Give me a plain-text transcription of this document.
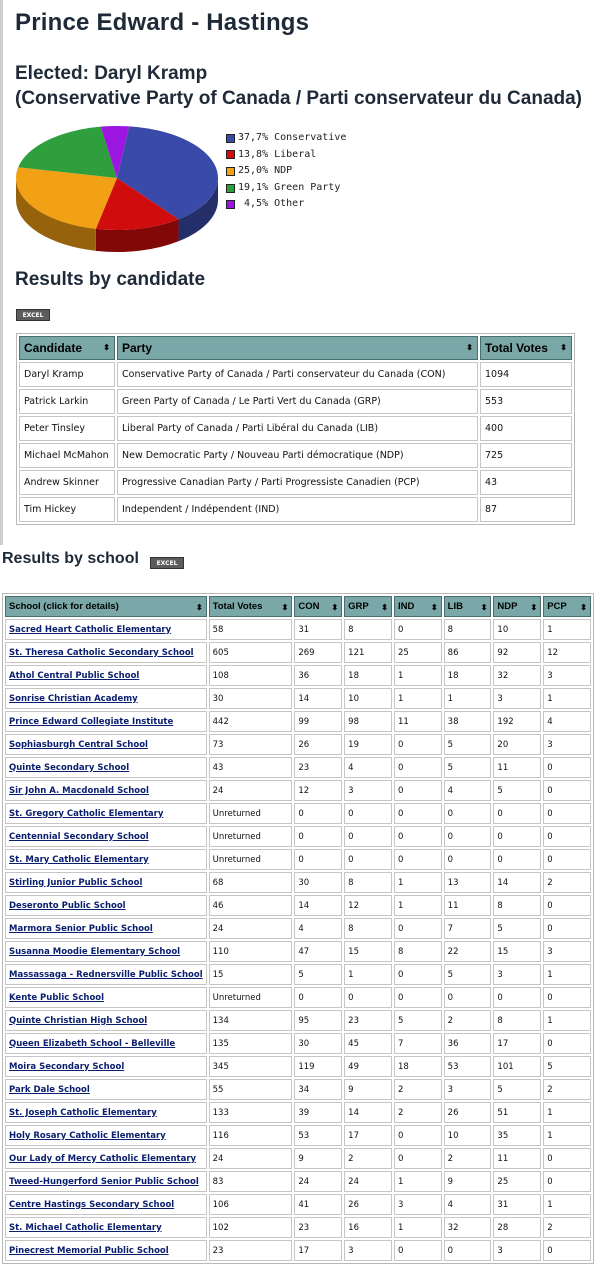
Prince Edward - Hastings
Elected: Daryl Kramp
(Conservative Party of Canada / Parti conservateur du Canada)
37,7% Conservative
13,8% Liberal
25,0% NDP
19,1% Green Party
4,5% Other
Results by candidate
EXCEL
Candidate ⬍	Party ⬍	Total Votes ⬍

Daryl Kramp	Conservative Party of Canada / Parti conservateur du Canada (CON)	1094
Patrick Larkin	Green Party of Canada / Le Parti Vert du Canada (GRP)	553
Peter Tinsley	Liberal Party of Canada / Parti Libéral du Canada (LIB)	400
Michael McMahon	New Democratic Party / Nouveau Parti démocratique (NDP)	725
Andrew Skinner	Progressive Canadian Party / Parti Progressiste Canadien (PCP)	43
Tim Hickey	Independent / Indépendent (IND)	87
Results by school	EXCEL
School (click for details) ⬍	Total Votes ⬍	CON ⬍	GRP ⬍	IND ⬍	LIB ⬍	NDP ⬍	PCP ⬍

Sacred Heart Catholic Elementary	58	31	8	0	8	10	1
St. Theresa Catholic Secondary School	605	269	121	25	86	92	12
Athol Central Public School	108	36	18	1	18	32	3
Sonrise Christian Academy	30	14	10	1	1	3	1
Prince Edward Collegiate Institute	442	99	98	11	38	192	4
Sophiasburgh Central School	73	26	19	0	5	20	3
Quinte Secondary School	43	23	4	0	5	11	0
Sir John A. Macdonald School	24	12	3	0	4	5	0
St. Gregory Catholic Elementary	Unreturned	0	0	0	0	0	0
Centennial Secondary School	Unreturned	0	0	0	0	0	0
St. Mary Catholic Elementary	Unreturned	0	0	0	0	0	0
Stirling Junior Public School	68	30	8	1	13	14	2
Deseronto Public School	46	14	12	1	11	8	0
Marmora Senior Public School	24	4	8	0	7	5	0
Susanna Moodie Elementary School	110	47	15	8	22	15	3
Massassaga - Rednersville Public School	15	5	1	0	5	3	1
Kente Public School	Unreturned	0	0	0	0	0	0
Quinte Christian High School	134	95	23	5	2	8	1
Queen Elizabeth School - Belleville	135	30	45	7	36	17	0
Moira Secondary School	345	119	49	18	53	101	5
Park Dale School	55	34	9	2	3	5	2
St. Joseph Catholic Elementary	133	39	14	2	26	51	1
Holy Rosary Catholic Elementary	116	53	17	0	10	35	1
Our Lady of Mercy Catholic Elementary	24	9	2	0	2	11	0
Tweed-Hungerford Senior Public School	83	24	24	1	9	25	0
Centre Hastings Secondary School	106	41	26	3	4	31	1
St. Michael Catholic Elementary	102	23	16	1	32	28	2
Pinecrest Memorial Public School	23	17	3	0	0	3	0
